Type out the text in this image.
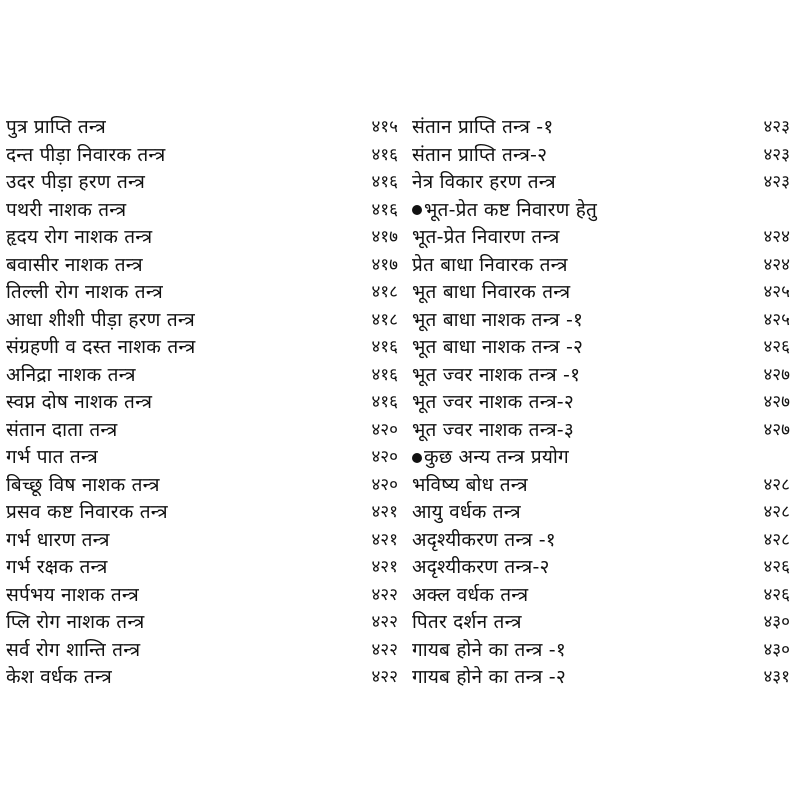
पुत्र प्राप्ति तन्त्र	४१५
दन्त पीड़ा निवारक तन्त्र	४१६
उदर पीड़ा हरण तन्त्र	४१६
पथरी नाशक तन्त्र	४१६
हृदय रोग नाशक तन्त्र	४१७
बवासीर नाशक तन्त्र	४१७
तिल्ली रोग नाशक तन्त्र	४१८
आधा शीशी पीड़ा हरण तन्त्र	४१८
संग्रहणी व दस्त नाशक तन्त्र	४१६
अनिद्रा नाशक तन्त्र	४१६
स्वप्न दोष नाशक तन्त्र	४१६
संतान दाता तन्त्र	४२०
गर्भ पात तन्त्र	४२०
बिच्छू विष नाशक तन्त्र	४२०
प्रसव कष्ट निवारक तन्त्र	४२१
गर्भ धारण तन्त्र	४२१
गर्भ रक्षक तन्त्र	४२१
सर्पभय नाशक तन्त्र	४२२
प्लि रोग नाशक तन्त्र	४२२
सर्व रोग शान्ति तन्त्र	४२२
केश वर्धक तन्त्र	४२२
संतान प्राप्ति तन्त्र -१	४२३
संतान प्राप्ति तन्त्र-२	४२३
नेत्र विकार हरण तन्त्र	४२३
भूत-प्रेत कष्ट निवारण हेतु
भूत-प्रेत निवारण तन्त्र	४२४
प्रेत बाधा निवारक तन्त्र	४२४
भूत बाधा निवारक तन्त्र	४२५
भूत बाधा नाशक तन्त्र -१	४२५
भूत बाधा नाशक तन्त्र -२	४२६
भूत ज्वर नाशक तन्त्र -१	४२७
भूत ज्वर नाशक तन्त्र-२	४२७
भूत ज्वर नाशक तन्त्र-३	४२७
कुछ अन्य तन्त्र प्रयोग
भविष्य बोध तन्त्र	४२८
आयु वर्धक तन्त्र	४२८
अदृश्यीकरण तन्त्र -१	४२८
अदृश्यीकरण तन्त्र-२	४२६
अक्ल वर्धक तन्त्र	४२६
पितर दर्शन तन्त्र	४३०
गायब होने का तन्त्र -१	४३०
गायब होने का तन्त्र -२	४३१
